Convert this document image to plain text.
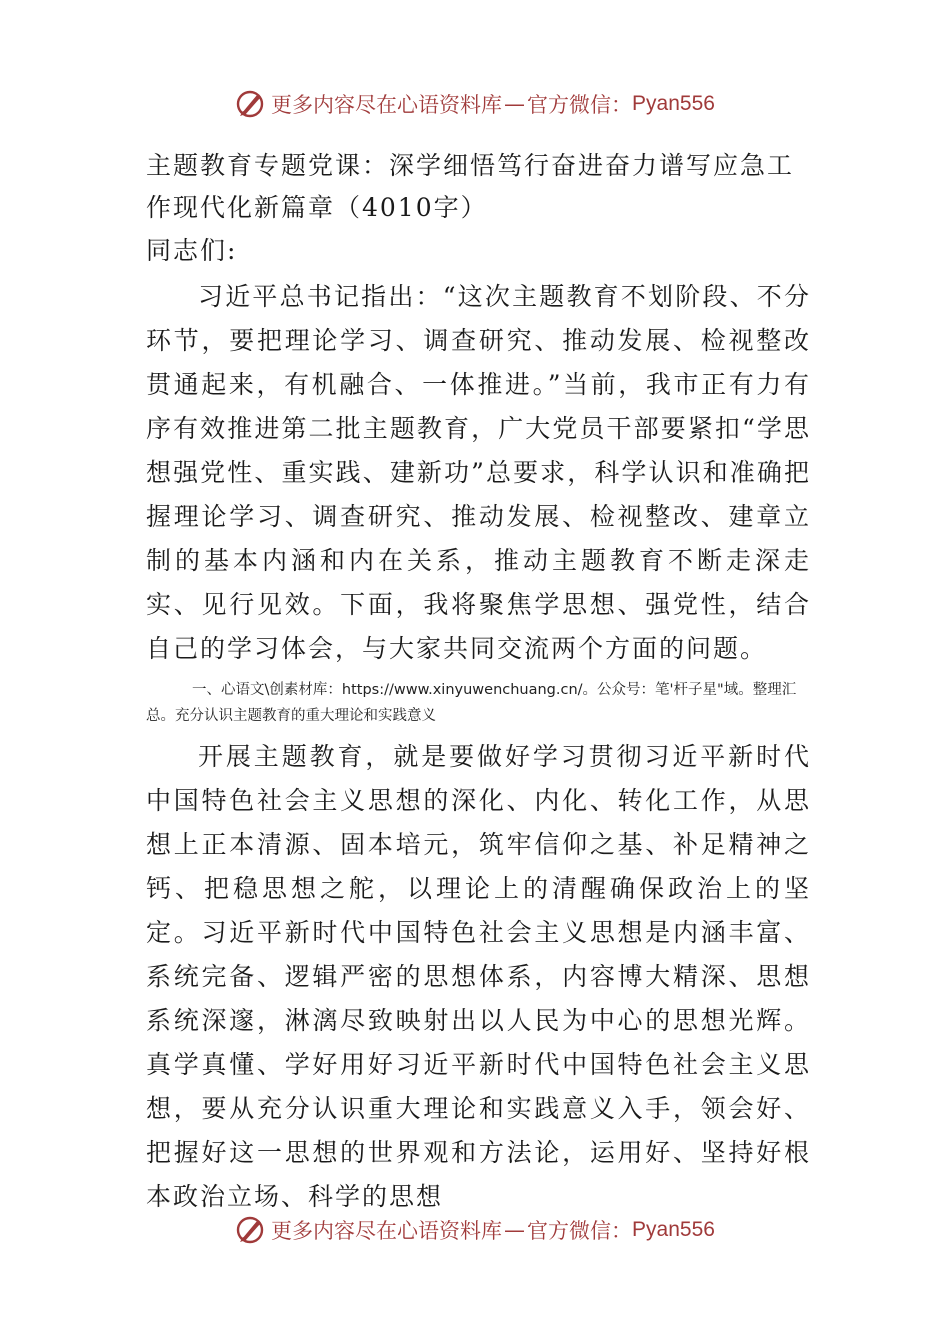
更多内容尽在心语资料库 — 官方微信： Pyan556
主题教育专题党课：深学细悟笃行奋进奋力谱写应急工作现代化新篇章（4010字）

同志们:

习近平总书记指出：“这次主题教育不划阶段、不分环节，要把理论学习、调查研究、推动发展、检视整改贯通起来，有机融合、一体推进。”当前，我市正有力有序有效推进第二批主题教育，广大党员干部要紧扣“学思想强党性、重实践、建新功”总要求，科学认识和准确把握理论学习、调查研究、推动发展、检视整改、建章立制的基本内涵和内在关系，推动主题教育不断走深走实、见行见效。下面，我将聚焦学思想、强党性，结合自己的学习体会，与大家共同交流两个方面的问题。

一、心语文\创素材库：https://www.xinyuwenchuang.cn/。公众号：笔'杆子星"域。整理汇总。充分认识主题教育的重大理论和实践意义

开展主题教育，就是要做好学习贯彻习近平新时代中国特色社会主义思想的深化、内化、转化工作，从思想上正本清源、固本培元，筑牢信仰之基、补足精神之钙、把稳思想之舵，以理论上的清醒确保政治上的坚定。习近平新时代中国特色社会主义思想是内涵丰富、系统完备、逻辑严密的思想体系，内容博大精深、思想系统深邃，淋漓尽致映射出以人民为中心的思想光辉。真学真懂、学好用好习近平新时代中国特色社会主义思想，要从充分认识重大理论和实践意义入手，领会好、把握好这一思想的世界观和方法论，运用好、坚持好根本政治立场、科学的思想

更多内容尽在心语资料库 — 官方微信： Pyan556
